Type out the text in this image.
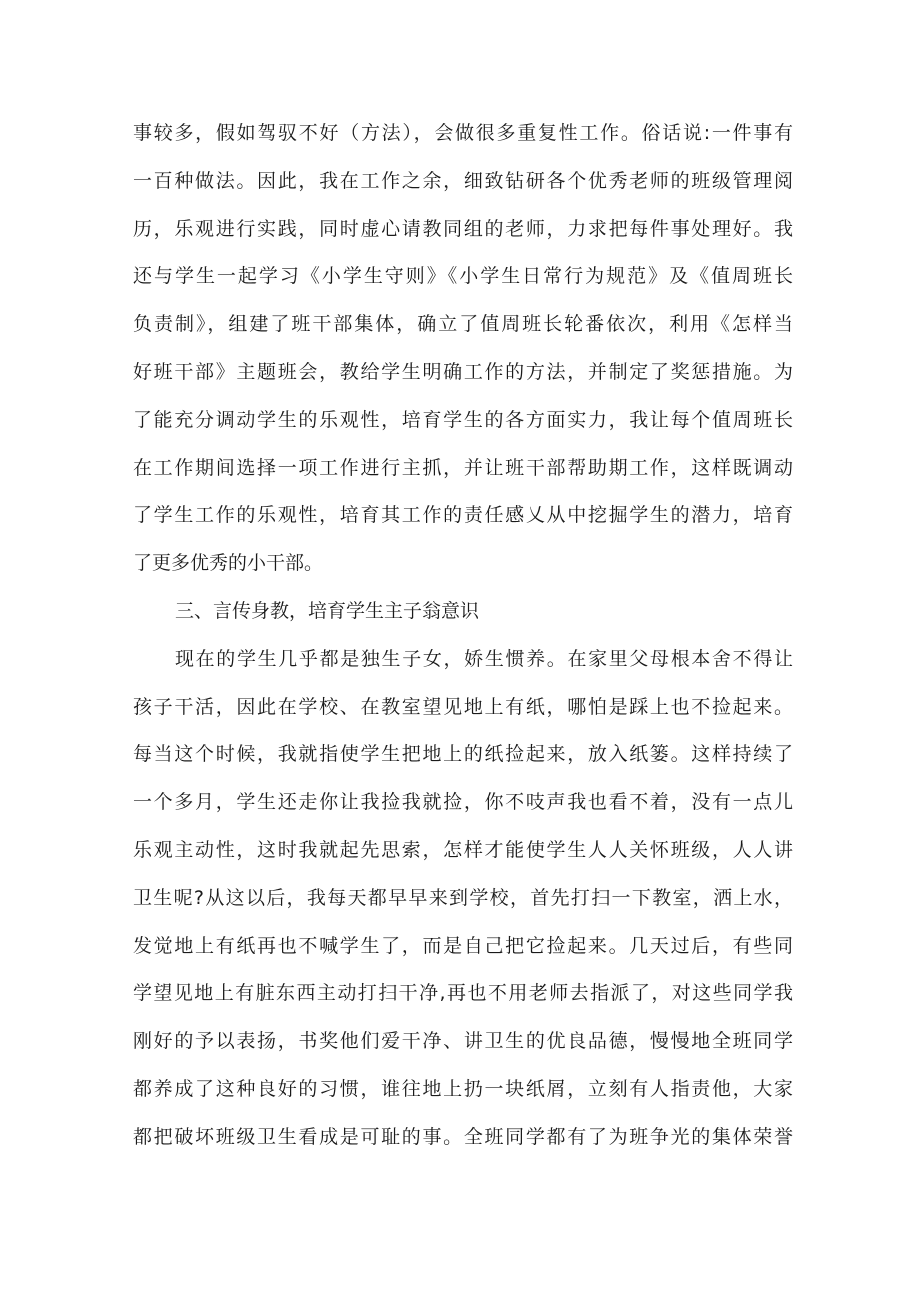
事较多，假如驾驭不好（方法），会做很多重复性工作。俗话说:一件事有
一百种做法。因此，我在工作之余，细致钻研各个优秀老师的班级管理阅
历，乐观进行实践，同时虚心请教同组的老师，力求把每件事处理好。我
还与学生一起学习《小学生守则》《小学生日常行为规范》及《值周班长
负责制》，组建了班干部集体，确立了值周班长轮番依次，利用《怎样当
好班干部》主题班会，教给学生明确工作的方法，并制定了奖惩措施。为
了能充分调动学生的乐观性，培育学生的各方面实力，我让每个值周班长
在工作期间选择一项工作进行主抓，并让班干部帮助期工作，这样既调动
了学生工作的乐观性，培育其工作的责任感乂从中挖掘学生的潜力，培育
了更多优秀的小干部。
三、言传身教，培育学生主子翁意识
现在的学生几乎都是独生子女，娇生惯养。在家里父母根本舍不得让
孩子干活，因此在学校、在教室望见地上有纸，哪怕是踩上也不捡起来。
每当这个时候，我就指使学生把地上的纸捡起来，放入纸篓。这样持续了
一个多月，学生还走你让我捡我就捡，你不吱声我也看不着，没有一点儿
乐观主动性，这时我就起先思索，怎样才能使学生人人关怀班级，人人讲
卫生呢?从这以后，我每天都早早来到学校，首先打扫一下教室，洒上水，
发觉地上有纸再也不喊学生了，而是自己把它捡起来。几天过后，有些同
学望见地上有脏东西主动打扫干净,再也不用老师去指派了，对这些同学我
刚好的予以表扬，书奖他们爱干净、讲卫生的优良品德，慢慢地全班同学
都养成了这种良好的习惯，谁往地上扔一块纸屑，立刻有人指责他，大家
都把破坏班级卫生看成是可耻的事。全班同学都有了为班争光的集体荣誉
